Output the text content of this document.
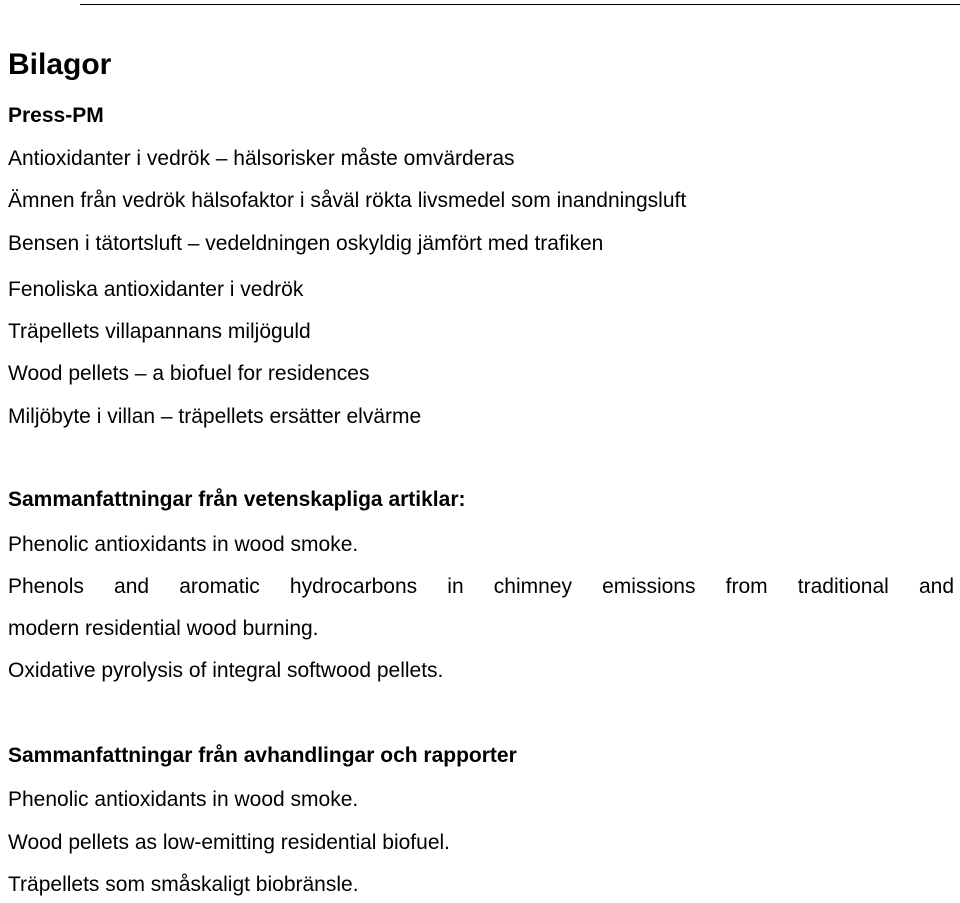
Bilagor
Press-PM
Antioxidanter i vedrök – hälsorisker måste omvärderas
Ämnen från vedrök hälsofaktor i såväl rökta livsmedel som inandningsluft
Bensen i tätortsluft – vedeldningen oskyldig jämfört med trafiken
Fenoliska antioxidanter i vedrök
Träpellets villapannans miljöguld
Wood pellets – a biofuel for residences
Miljöbyte i villan – träpellets ersätter elvärme
Sammanfattningar från vetenskapliga artiklar:
Phenolic antioxidants in wood smoke.
Phenols and aromatic hydrocarbons in chimney emissions from traditional and
modern residential wood burning.
Oxidative pyrolysis of integral softwood pellets.
Sammanfattningar från avhandlingar och rapporter
Phenolic antioxidants in wood smoke.
Wood pellets as low-emitting residential biofuel.
Träpellets som småskaligt biobränsle.
